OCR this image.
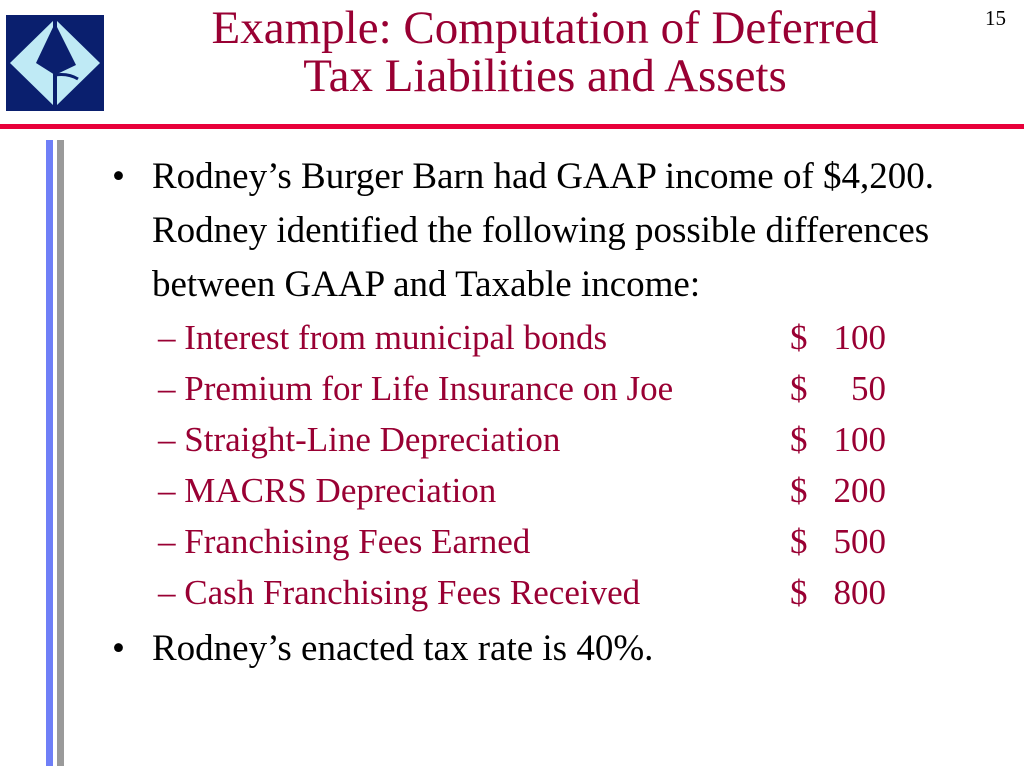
Example: Computation of Deferred
Tax Liabilities and Assets
15
• Rodney’s Burger Barn had GAAP income of $4,200. Rodney identified the following possible differences between GAAP and Taxable income:
– Interest from municipal bonds	$ 100
– Premium for Life Insurance on Joe	$	50
– Straight-Line Depreciation	$ 100
– MACRS Depreciation	$ 200
– Franchising Fees Earned	$ 500
– Cash Franchising Fees Received	$ 800
• Rodney’s enacted tax rate is 40%.
